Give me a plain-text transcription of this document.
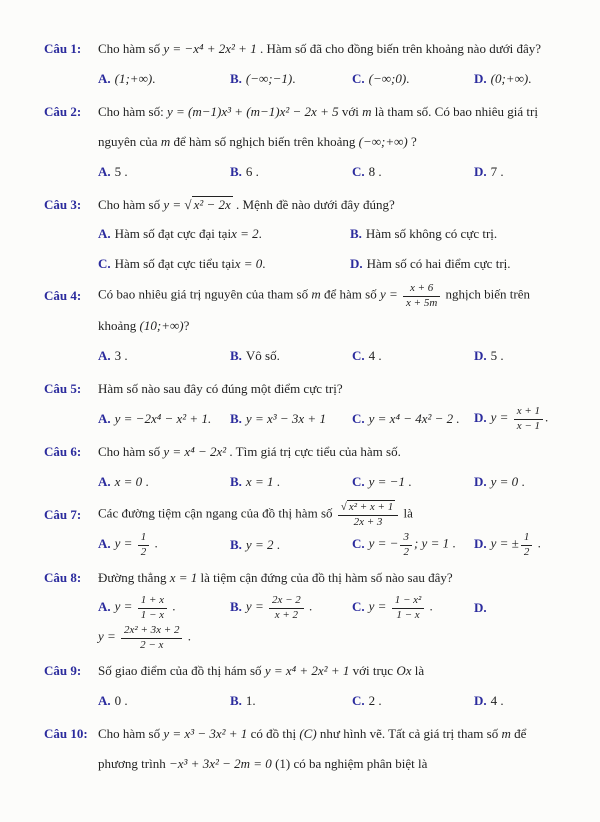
Câu 1:	Cho hàm số y = −x⁴ + 2x² + 1 . Hàm số đã cho đồng biến trên khoảng nào dưới đây?
A. (1;+∞).	B. (−∞;−1).	C. (−∞;0).	D. (0;+∞).
Câu 2:	Cho hàm số: y = (m−1)x³ + (m−1)x² − 2x + 5 với m là tham số. Có bao nhiêu giá trị
nguyên của m để hàm số nghịch biến trên khoảng (−∞;+∞) ?
A. 5 .	B. 6 .	C. 8 .	D. 7 .
Câu 3:	Cho hàm số y = √ x² − 2x . Mệnh đề nào dưới đây đúng?
A. Hàm số đạt cực đại tại x = 2 .	B. Hàm số không có cực trị.
C. Hàm số đạt cực tiểu tại x = 0 .	D. Hàm số có hai điểm cực trị.
Câu 4:	Có bao nhiêu giá trị nguyên của tham số m để hàm số $y = \frac{x + 6}{x + 5m}$ nghịch biến trên
khoảng (10;+∞)?
A. 3 .	B. Vô số.	C. 4 .	D. 5 .
Câu 5:	Hàm số nào sau đây có đúng một điểm cực trị?
A. y = −2x⁴ − x² + 1.	B. y = x³ − 3x + 1	C. y = x⁴ − 4x² − 2 .	D. $y = \frac{x + 1}{x - 1}$ .
Câu 6:	Cho hàm số y = x⁴ − 2x² . Tìm giá trị cực tiểu của hàm số.
A. x = 0 .	B. x = 1 .	C. y = −1 .	D. y = 0 .
Câu 7:	Các đường tiệm cận ngang của đồ thị hàm số $\frac{\text{√ x² + x + 1}}{2x + 3}$ là
A. $y = \frac{1}{2}$ .	B. y = 2 .	C. y = − $\frac{3}{2}$ ; y = 1 .	D. y = ± $\frac{1}{2}$ .
Câu 8:	Đường thẳng x = 1 là tiệm cận đứng của đồ thị hàm số nào sau đây?
A. $y = \frac{1 + x}{1 - x}$ .	B. $y = \frac{2x - 2}{x + 2}$ .	C. $y = \frac{\text{1 − x²}}{1 - x}$ .	D.
$y = \frac{\text{2x² + 3x + 2}}{2 - x}$ .
Câu 9:	Số giao điểm của đồ thị hám số y = x⁴ + 2x² + 1 với trục Ox là
A. 0 .	B. 1.	C. 2 .	D. 4 .
Câu 10: Cho hàm số y = x³ − 3x² + 1 có đồ thị (C) như hình vẽ. Tất cả giá trị tham số m để
phương trình −x³ + 3x² − 2m = 0 (1) có ba nghiệm phân biệt là
